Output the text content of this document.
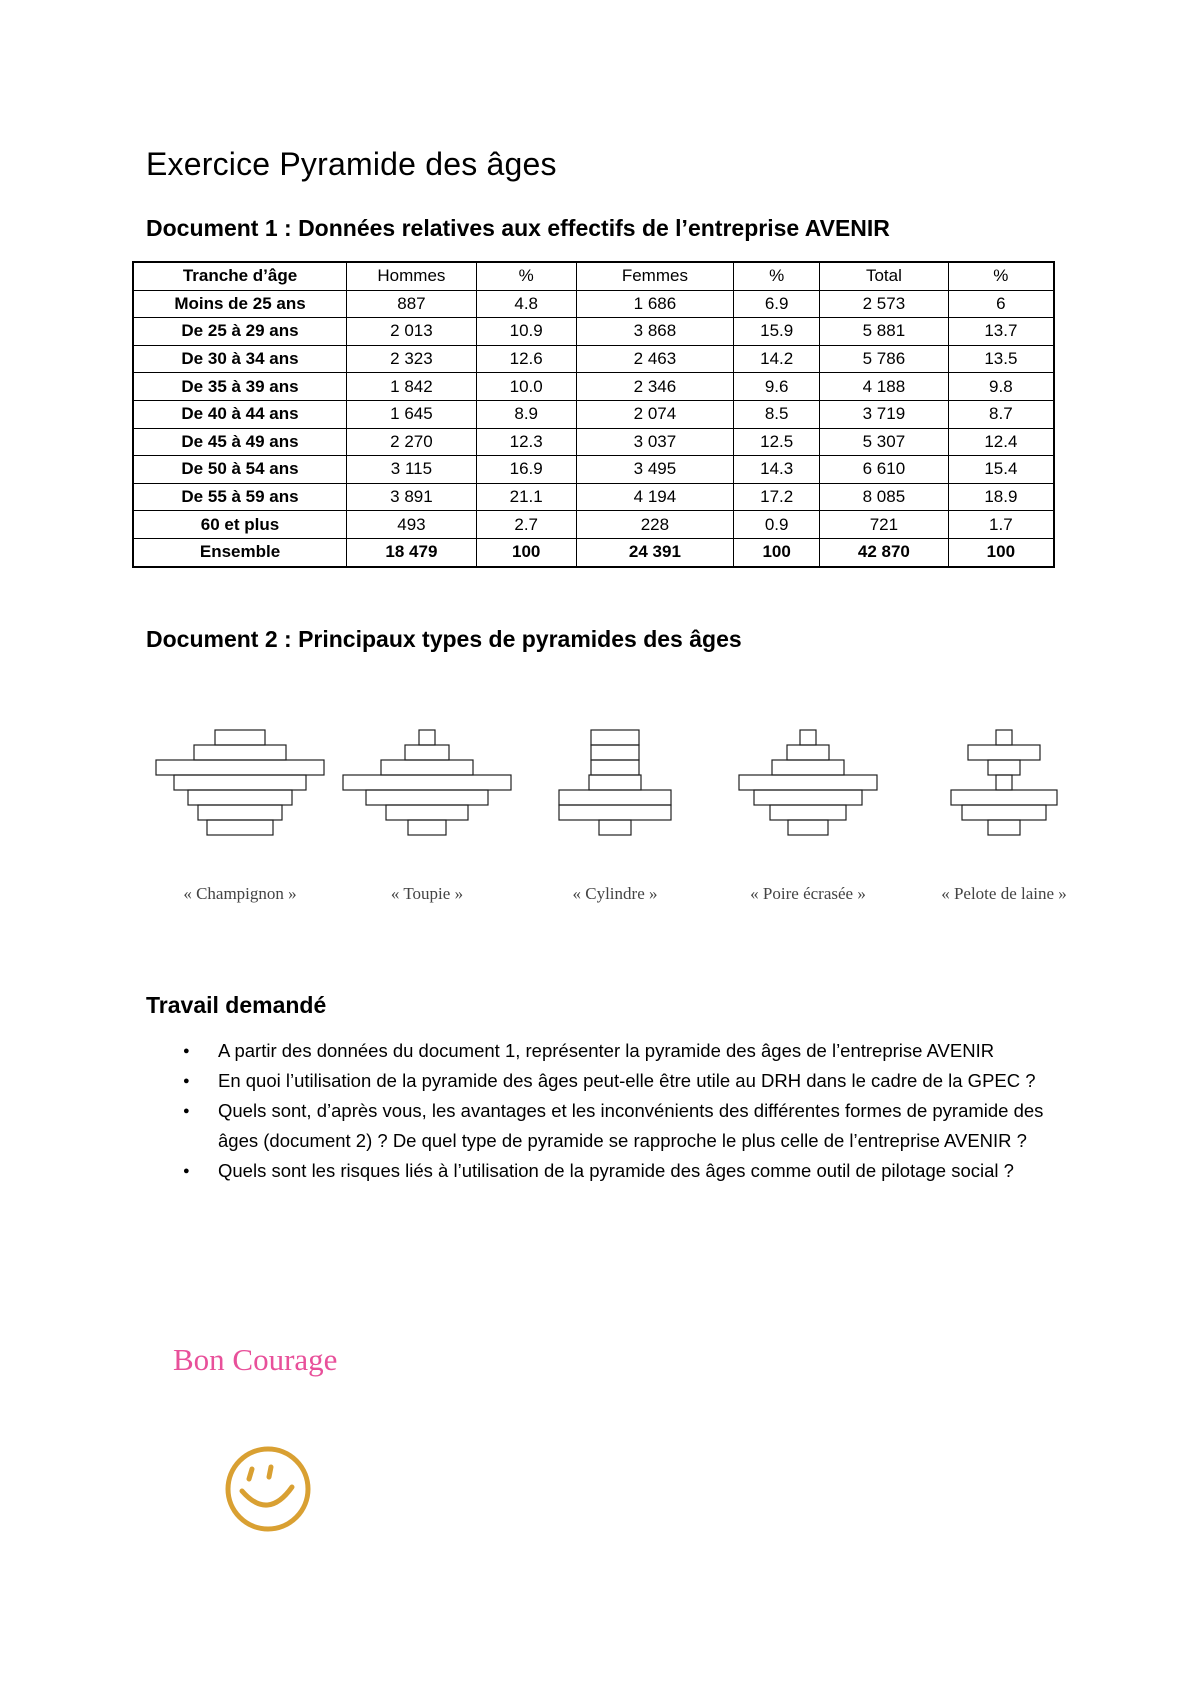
Exercice Pyramide des âges
Document 1 : Données relatives aux effectifs de l’entreprise AVENIR
Tranche d’âge	Hommes	%	Femmes	%	Total	%
Moins de 25 ans	887	4.8	1 686	6.9	2 573	6
De 25 à 29 ans	2 013	10.9	3 868	15.9	5 881	13.7
De 30 à 34 ans	2 323	12.6	2 463	14.2	5 786	13.5
De 35 à 39 ans	1 842	10.0	2 346	9.6	4 188	9.8
De 40 à 44 ans	1 645	8.9	2 074	8.5	3 719	8.7
De 45 à 49 ans	2 270	12.3	3 037	12.5	5 307	12.4
De 50 à 54 ans	3 115	16.9	3 495	14.3	6 610	15.4
De 55 à 59 ans	3 891	21.1	4 194	17.2	8 085	18.9
60 et plus	493	2.7	228	0.9	721	1.7
Ensemble	18 479	100	24 391	100	42 870	100
Document 2 : Principaux types de pyramides des âges
« Champignon »	« Toupie »	« Cylindre »	« Poire écrasée »	« Pelote de laine »
Travail demandé
● A partir des données du document 1, représenter la pyramide des âges de l’entreprise AVENIR
● En quoi l’utilisation de la pyramide des âges peut-elle être utile au DRH dans le cadre de la GPEC ?
● Quels sont, d’après vous, les avantages et les inconvénients des différentes formes de pyramide des âges (document 2) ? De quel type de pyramide se rapproche le plus celle de l’entreprise AVENIR ?
● Quels sont les risques liés à l’utilisation de la pyramide des âges comme outil de pilotage social ?
Bon Courage
